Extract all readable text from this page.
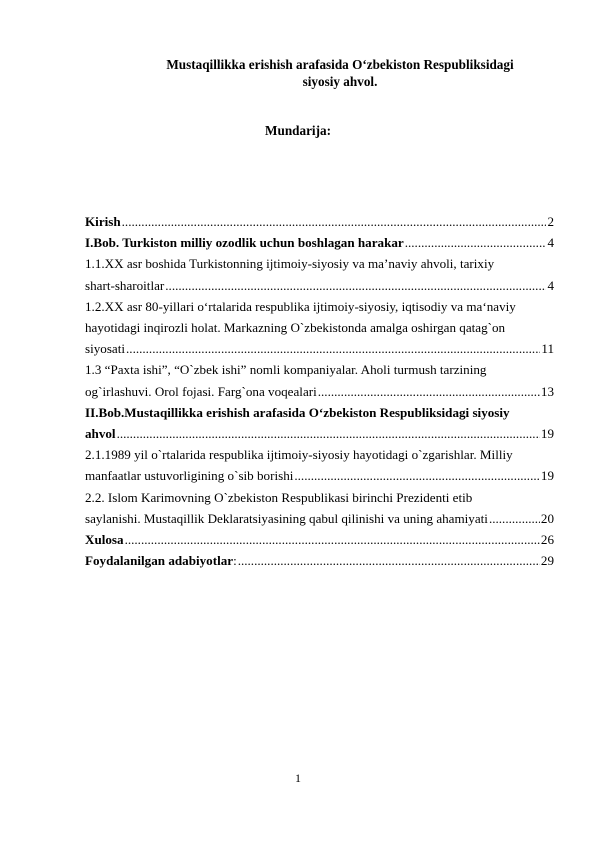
Mustaqillikka erishish arafasida O‘zbekiston Respubliksidagi
siyosiy ahvol.
Mundarija:
Kirish .....	2
I.Bob. Turkiston milliy ozodlik uchun boshlagan harakar .....	4
1.1.XX asr boshida Turkistonning ijtimoiy-siyosiy va ma’naviy ahvoli, tarixiy
shart-sharoitlar .....	4
1.2.XX asr 80-yillari o‘rtalarida respublika ijtimoiy-siyosiy, iqtisodiy va ma‘naviy
hayotidagi inqirozli holat. Markazning O`zbekistonda amalga oshirgan qatag`on
siyosati .....	11
1.3 “Paxta ishi”, “O`zbek ishi” nomli kompaniyalar. Aholi turmush tarzining
og`irlashuvi. Orol fojasi. Farg`ona voqealari .....	13
II.Bob.Mustaqillikka erishish arafasida O‘zbekiston Respubliksidagi siyosiy
ahvol .....	19
2.1.1989 yil o`rtalarida respublika ijtimoiy-siyosiy hayotidagi o`zgarishlar. Milliy
manfaatlar ustuvorligining o`sib borishi .....	19
2.2. Islom Karimovning O`zbekiston Respublikasi birinchi Prezidenti etib
saylanishi. Mustaqillik Deklaratsiyasining qabul qilinishi va uning ahamiyati .....	20
Xulosa .....	26
Foydalanilgan adabiyotlar : .....	29
1
